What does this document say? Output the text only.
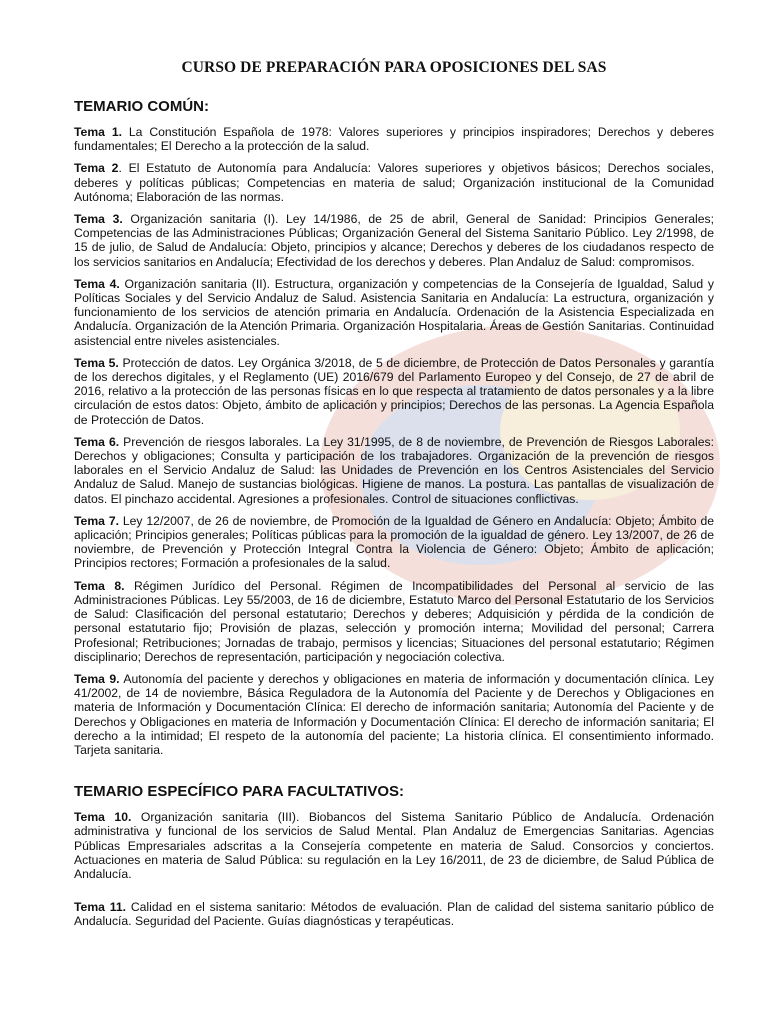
CURSO DE PREPARACIÓN PARA OPOSICIONES DEL SAS
TEMARIO COMÚN:

Tema 1. La Constitución Española de 1978: Valores superiores y principios inspiradores; Derechos y deberes fundamentales; El Derecho a la protección de la salud.

Tema 2. El Estatuto de Autonomía para Andalucía: Valores superiores y objetivos básicos; Derechos sociales, deberes y políticas públicas; Competencias en materia de salud; Organización institucional de la Comunidad Autónoma; Elaboración de las normas.

Tema 3. Organización sanitaria (I). Ley 14/1986, de 25 de abril, General de Sanidad: Principios Generales; Competencias de las Administraciones Públicas; Organización General del Sistema Sanitario Público. Ley 2/1998, de 15 de julio, de Salud de Andalucía: Objeto, principios y alcance; Derechos y deberes de los ciudadanos respecto de los servicios sanitarios en Andalucía; Efectividad de los derechos y deberes. Plan Andaluz de Salud: compromisos.

Tema 4. Organización sanitaria (II). Estructura, organización y competencias de la Consejería de Igualdad, Salud y Políticas Sociales y del Servicio Andaluz de Salud. Asistencia Sanitaria en Andalucía: La estructura, organización y funcionamiento de los servicios de atención primaria en Andalucía. Ordenación de la Asistencia Especializada en Andalucía. Organización de la Atención Primaria. Organización Hospitalaria. Áreas de Gestión Sanitarias. Continuidad asistencial entre niveles asistenciales.

Tema 5. Protección de datos. Ley Orgánica 3/2018, de 5 de diciembre, de Protección de Datos Personales y garantía de los derechos digitales, y el Reglamento (UE) 2016/679 del Parlamento Europeo y del Consejo, de 27 de abril de 2016, relativo a la protección de las personas físicas en lo que respecta al tratamiento de datos personales y a la libre circulación de estos datos: Objeto, ámbito de aplicación y principios; Derechos de las personas. La Agencia Española de Protección de Datos.

Tema 6. Prevención de riesgos laborales. La Ley 31/1995, de 8 de noviembre, de Prevención de Riesgos Laborales: Derechos y obligaciones; Consulta y participación de los trabajadores. Organización de la prevención de riesgos laborales en el Servicio Andaluz de Salud: las Unidades de Prevención en los Centros Asistenciales del Servicio Andaluz de Salud. Manejo de sustancias biológicas. Higiene de manos. La postura. Las pantallas de visualización de datos. El pinchazo accidental. Agresiones a profesionales. Control de situaciones conflictivas.

Tema 7. Ley 12/2007, de 26 de noviembre, de Promoción de la Igualdad de Género en Andalucía: Objeto; Ámbito de aplicación; Principios generales; Políticas públicas para la promoción de la igualdad de género. Ley 13/2007, de 26 de noviembre, de Prevención y Protección Integral Contra la Violencia de Género: Objeto; Ámbito de aplicación; Principios rectores; Formación a profesionales de la salud.

Tema 8. Régimen Jurídico del Personal. Régimen de Incompatibilidades del Personal al servicio de las Administraciones Públicas. Ley 55/2003, de 16 de diciembre, Estatuto Marco del Personal Estatutario de los Servicios de Salud: Clasificación del personal estatutario; Derechos y deberes; Adquisición y pérdida de la condición de personal estatutario fijo; Provisión de plazas, selección y promoción interna; Movilidad del personal; Carrera Profesional; Retribuciones; Jornadas de trabajo, permisos y licencias; Situaciones del personal estatutario; Régimen disciplinario; Derechos de representación, participación y negociación colectiva.

Tema 9. Autonomía del paciente y derechos y obligaciones en materia de información y documentación clínica. Ley 41/2002, de 14 de noviembre, Básica Reguladora de la Autonomía del Paciente y de Derechos y Obligaciones en materia de Información y Documentación Clínica: El derecho de información sanitaria; Autonomía del Paciente y de Derechos y Obligaciones en materia de Información y Documentación Clínica: El derecho de información sanitaria; El derecho a la intimidad; El respeto de la autonomía del paciente; La historia clínica. El consentimiento informado. Tarjeta sanitaria.

TEMARIO ESPECÍFICO PARA FACULTATIVOS:

Tema 10. Organización sanitaria (III). Biobancos del Sistema Sanitario Público de Andalucía. Ordenación administrativa y funcional de los servicios de Salud Mental. Plan Andaluz de Emergencias Sanitarias. Agencias Públicas Empresariales adscritas a la Consejería competente en materia de Salud. Consorcios y conciertos. Actuaciones en materia de Salud Pública: su regulación en la Ley 16/2011, de 23 de diciembre, de Salud Pública de Andalucía.

Tema 11. Calidad en el sistema sanitario: Métodos de evaluación. Plan de calidad del sistema sanitario público de Andalucía. Seguridad del Paciente. Guías diagnósticas y terapéuticas.
